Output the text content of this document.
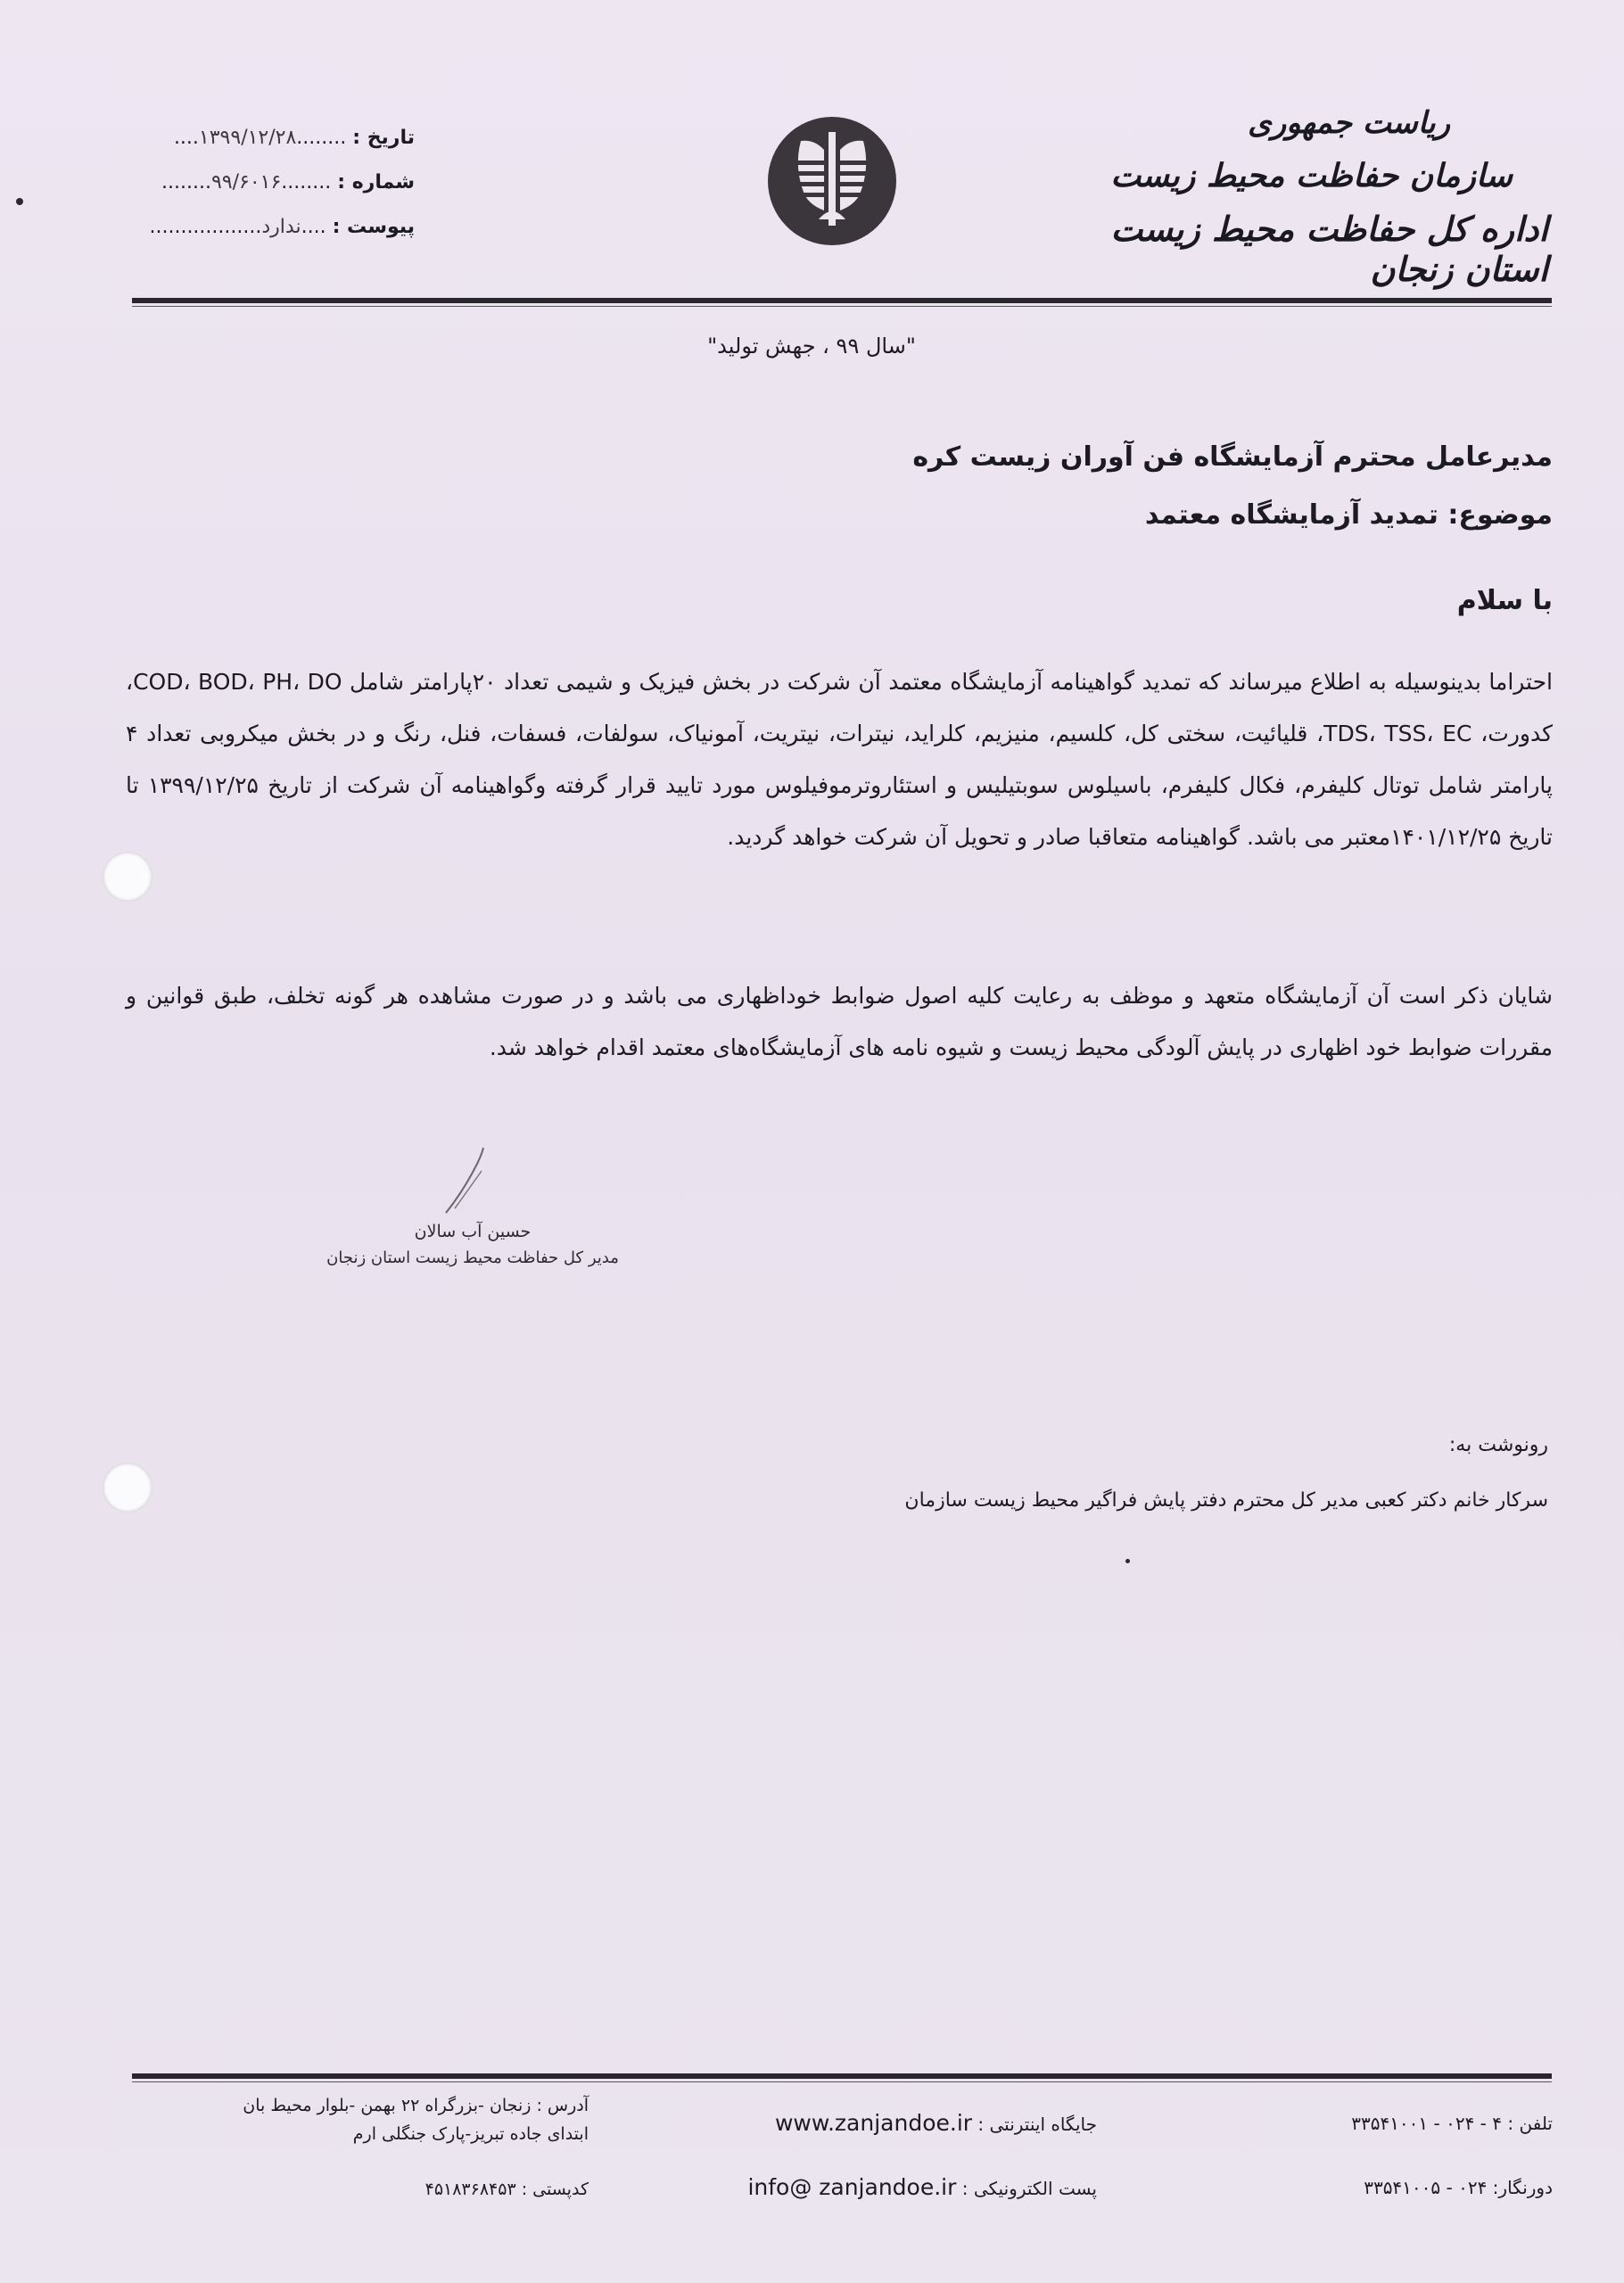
ریاست جمهوری
سازمان حفاظت محیط زیست
اداره کل حفاظت محیط زیست استان زنجان
تاریخ : ........۱۳۹۹/۱۲/۲۸....
شماره : ........۹۹/۶۰۱۶........
پیوست : ....ندارد..................
"سال ۹۹ ، جهش تولید"
مدیرعامل محترم آزمایشگاه فن آوران زیست کره
موضوع: تمدید آزمایشگاه معتمد
با سلام
احتراما بدینوسیله به اطلاع میرساند که تمدید گواهینامه آزمایشگاه معتمد آن شرکت در بخش فیزیک و شیمی تعداد ۲۰پارامتر شامل COD، BOD، PH، DO، کدورت، TDS، TSS، EC، قلیائیت، سختی کل، کلسیم، منیزیم، کلراید، نیترات، نیتریت، آمونیاک، سولفات، فسفات، فنل، رنگ و در بخش میکروبی تعداد ۴ پارامتر شامل توتال کلیفرم، فکال کلیفرم، باسیلوس سوبتیلیس و استئاروترموفیلوس مورد تایید قرار گرفته وگواهینامه آن شرکت از تاریخ ۱۳۹۹/۱۲/۲۵ تا تاریخ ۱۴۰۱/۱۲/۲۵معتبر می باشد. گواهینامه متعاقبا صادر و تحویل آن شرکت خواهد گردید.
شایان ذکر است آن آزمایشگاه متعهد و موظف به رعایت کلیه اصول ضوابط خوداظهاری می باشد و در صورت مشاهده هر گونه تخلف، طبق قوانین و مقررات ضوابط خود اظهاری در پایش آلودگی محیط زیست و شیوه نامه های آزمایشگاه‌های معتمد اقدام خواهد شد.
حسین آب سالان
مدیر کل حفاظت محیط زیست استان زنجان
رونوشت به:
سرکار خانم دکتر کعبی مدیر کل محترم دفتر پایش فراگیر محیط زیست سازمان
تلفن : ۴ - ۰۲۴ - ۳۳۵۴۱۰۰۱
دورنگار: ۰۲۴ - ۳۳۵۴۱۰۰۵
جایگاه اینترنتی : www.zanjandoe.ir
پست الکترونیکی : info@ zanjandoe.ir
آدرس : زنجان -بزرگراه ۲۲ بهمن -بلوار محیط بان
ابتدای جاده تبریز-پارک جنگلی ارم
کدپستی : ۴۵۱۸۳۶۸۴۵۳
